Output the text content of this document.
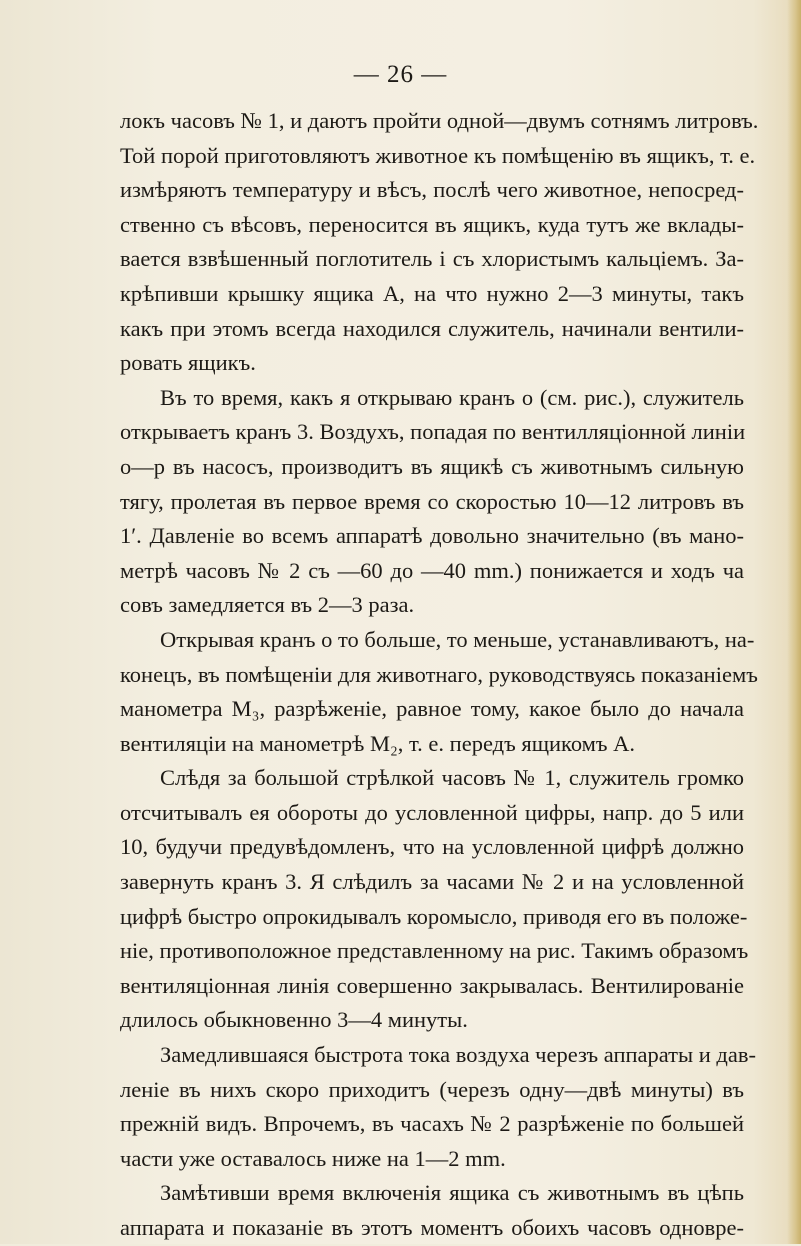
— 26 —
локъ часовъ № 1, и даютъ пройти одной—двумъ сотнямъ литровъ.
Той порой приготовляютъ животное къ помѣщенію въ ящикъ, т. е.
измѣряютъ температуру и вѣсъ, послѣ чего животное, непосред-
ственно съ вѣсовъ, переносится въ ящикъ, куда тутъ же вклады-
вается взвѣшенный поглотитель і съ хлористымъ кальціемъ. За-
крѣпивши крышку ящика А, на что нужно 2—3 минуты, такъ
какъ при этомъ всегда находился служитель, начинали вентили-
ровать ящикъ.
Въ то время, какъ я открываю кранъ о (см. рис.), служитель
открываетъ кранъ 3. Воздухъ, попадая по вентилляціонной линіи
о—р въ насосъ, производитъ въ ящикѣ съ животнымъ сильную
тягу, пролетая въ первое время со скоростью 10—12 литровъ въ
1′. Давленіе во всемъ аппаратѣ довольно значительно (въ мано-
метрѣ часовъ № 2 съ —60 до —40 mm.) понижается и ходъ ча
совъ замедляется въ 2—3 раза.
Открывая кранъ о то больше, то меньше, устанавливаютъ, на-
конецъ, въ помѣщеніи для животнаго, руководствуясь показаніемъ
манометра М₃, разрѣженіе, равное тому, какое было до начала
вентиляціи на манометрѣ М₂, т. е. передъ ящикомъ А.
Слѣдя за большой стрѣлкой часовъ № 1, служитель громко
отсчитывалъ ея обороты до условленной цифры, напр. до 5 или
10, будучи предувѣдомленъ, что на условленной цифрѣ должно
завернуть кранъ 3. Я слѣдилъ за часами № 2 и на условленной
цифрѣ быстро опрокидывалъ коромысло, приводя его въ положе-
ніе, противоположное представленному на рис. Такимъ образомъ
вентиляціонная линія совершенно закрывалась. Вентилированіе
длилось обыкновенно 3—4 минуты.
Замедлившаяся быстрота тока воздуха черезъ аппараты и дав-
леніе въ нихъ скоро приходитъ (черезъ одну—двѣ минуты) въ
прежній видъ. Впрочемъ, въ часахъ № 2 разрѣженіе по большей
части уже оставалось ниже на 1—2 mm.
Замѣтивши время включенія ящика съ животнымъ въ цѣпь
аппарата и показаніе въ этотъ моментъ обоихъ часовъ одновре-
